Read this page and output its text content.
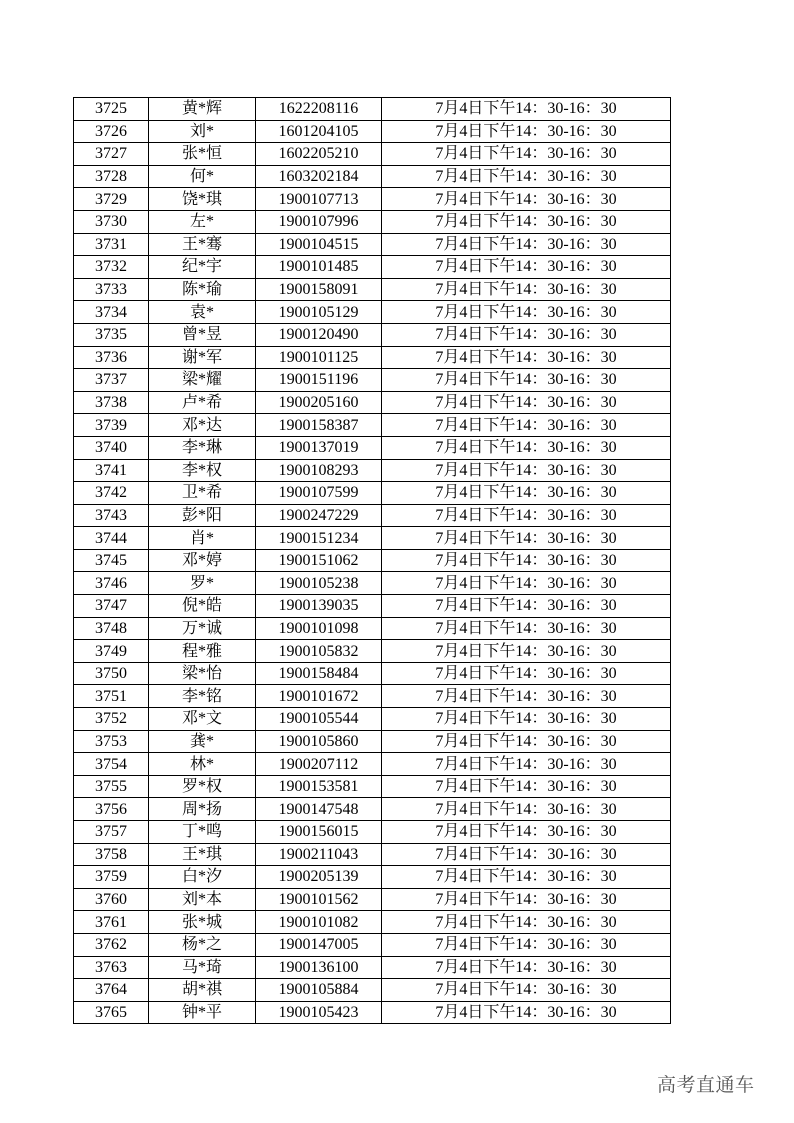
3725	黄*辉	1622208116	7月4日下午14：30-16：30
3726	刘*	1601204105	7月4日下午14：30-16：30
3727	张*恒	1602205210	7月4日下午14：30-16：30
3728	何*	1603202184	7月4日下午14：30-16：30
3729	饶*琪	1900107713	7月4日下午14：30-16：30
3730	左*	1900107996	7月4日下午14：30-16：30
3731	王*骞	1900104515	7月4日下午14：30-16：30
3732	纪*宇	1900101485	7月4日下午14：30-16：30
3733	陈*瑜	1900158091	7月4日下午14：30-16：30
3734	袁*	1900105129	7月4日下午14：30-16：30
3735	曾*昱	1900120490	7月4日下午14：30-16：30
3736	谢*军	1900101125	7月4日下午14：30-16：30
3737	梁*耀	1900151196	7月4日下午14：30-16：30
3738	卢*希	1900205160	7月4日下午14：30-16：30
3739	邓*达	1900158387	7月4日下午14：30-16：30
3740	李*琳	1900137019	7月4日下午14：30-16：30
3741	李*权	1900108293	7月4日下午14：30-16：30
3742	卫*希	1900107599	7月4日下午14：30-16：30
3743	彭*阳	1900247229	7月4日下午14：30-16：30
3744	肖*	1900151234	7月4日下午14：30-16：30
3745	邓*婷	1900151062	7月4日下午14：30-16：30
3746	罗*	1900105238	7月4日下午14：30-16：30
3747	倪*皓	1900139035	7月4日下午14：30-16：30
3748	万*诚	1900101098	7月4日下午14：30-16：30
3749	程*雅	1900105832	7月4日下午14：30-16：30
3750	梁*怡	1900158484	7月4日下午14：30-16：30
3751	李*铭	1900101672	7月4日下午14：30-16：30
3752	邓*文	1900105544	7月4日下午14：30-16：30
3753	龚*	1900105860	7月4日下午14：30-16：30
3754	林*	1900207112	7月4日下午14：30-16：30
3755	罗*权	1900153581	7月4日下午14：30-16：30
3756	周*扬	1900147548	7月4日下午14：30-16：30
3757	丁*鸣	1900156015	7月4日下午14：30-16：30
3758	王*琪	1900211043	7月4日下午14：30-16：30
3759	白*汐	1900205139	7月4日下午14：30-16：30
3760	刘*本	1900101562	7月4日下午14：30-16：30
3761	张*城	1900101082	7月4日下午14：30-16：30
3762	杨*之	1900147005	7月4日下午14：30-16：30
3763	马*琦	1900136100	7月4日下午14：30-16：30
3764	胡*祺	1900105884	7月4日下午14：30-16：30
3765	钟*平	1900105423	7月4日下午14：30-16：30
高考直通车
